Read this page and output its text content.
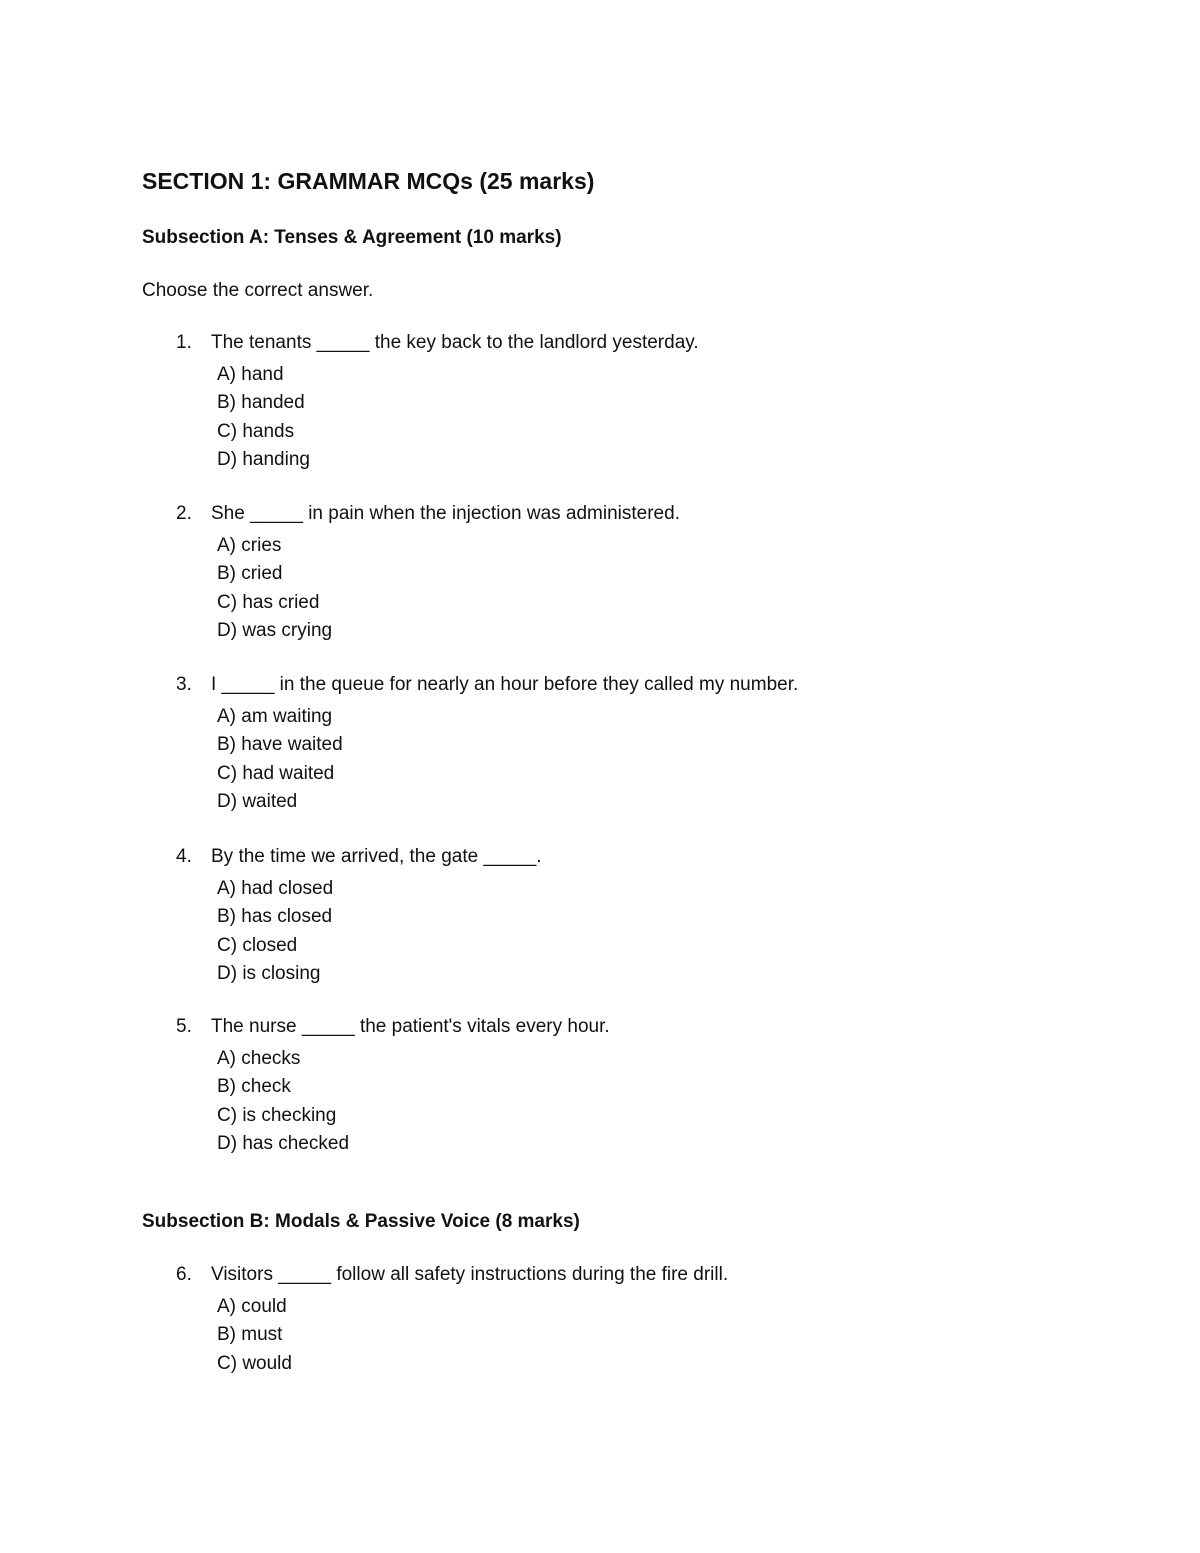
SECTION 1: GRAMMAR MCQs (25 marks)
Subsection A: Tenses & Agreement (10 marks)

Choose the correct answer.

1. The tenants _____ the key back to the landlord yesterday.
A) hand
B) handed
C) hands
D) handing
2. She _____ in pain when the injection was administered.
A) cries
B) cried
C) has cried
D) was crying
3. I _____ in the queue for nearly an hour before they called my number.
A) am waiting
B) have waited
C) had waited
D) waited
4. By the time we arrived, the gate _____.
A) had closed
B) has closed
C) closed
D) is closing
5. The nurse _____ the patient's vitals every hour.
A) checks
B) check
C) is checking
D) has checked
Subsection B: Modals & Passive Voice (8 marks)
6. Visitors _____ follow all safety instructions during the fire drill.
A) could
B) must
C) would
